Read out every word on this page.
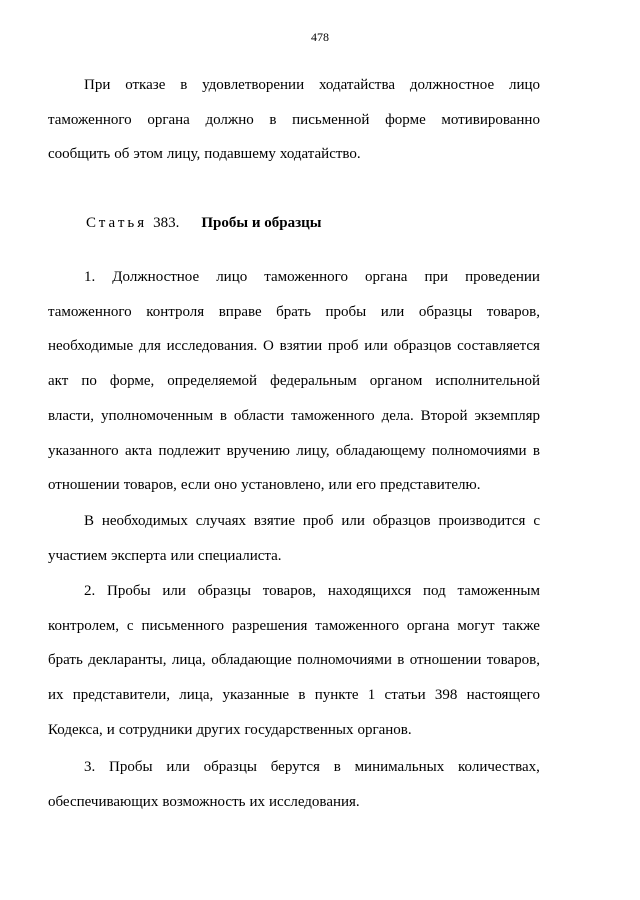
478
При отказе в удовлетворении ходатайства должностное лицо
таможенного органа должно в письменной форме мотивированно
сообщить об этом лицу, подавшему ходатайство.
Статья 383. Пробы и образцы
1. Должностное лицо таможенного органа при проведении
таможенного контроля вправе брать пробы или образцы товаров,
необходимые для исследования. О взятии проб или образцов составляется
акт по форме, определяемой федеральным органом исполнительной
власти, уполномоченным в области таможенного дела. Второй экземпляр
указанного акта подлежит вручению лицу, обладающему полномочиями в
отношении товаров, если оно установлено, или его представителю.
В необходимых случаях взятие проб или образцов производится с
участием эксперта или специалиста.
2. Пробы или образцы товаров, находящихся под таможенным
контролем, с письменного разрешения таможенного органа могут также
брать декларанты, лица, обладающие полномочиями в отношении товаров,
их представители, лица, указанные в пункте 1 статьи 398 настоящего
Кодекса, и сотрудники других государственных органов.
3. Пробы или образцы берутся в минимальных количествах,
обеспечивающих возможность их исследования.
